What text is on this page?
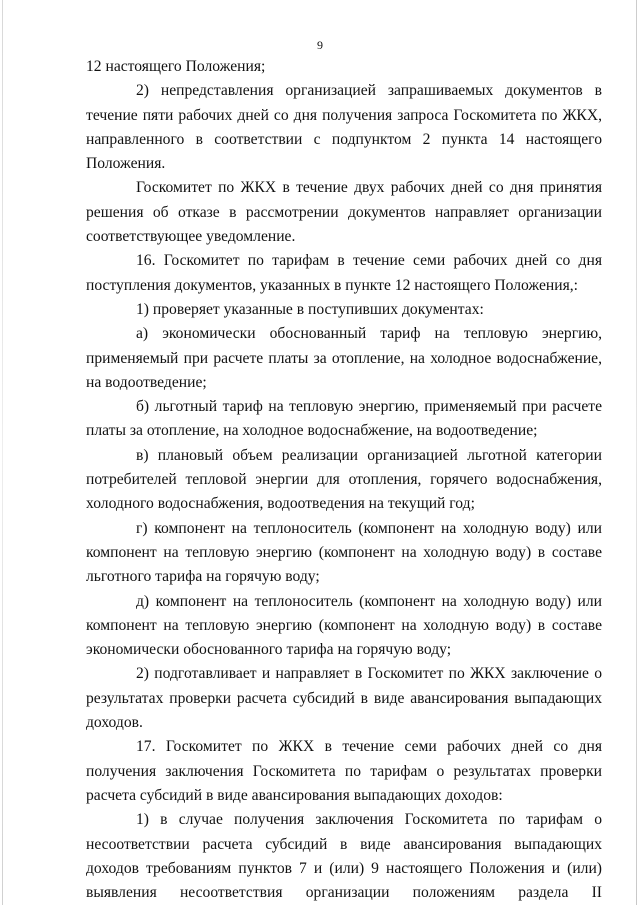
9

12 настоящего Положения;

2) непредставления организацией запрашиваемых документов в течение пяти рабочих дней со дня получения запроса Госкомитета по ЖКХ, направленного в соответствии с подпунктом 2 пункта 14 настоящего Положения.

Госкомитет по ЖКХ в течение двух рабочих дней со дня принятия решения об отказе в рассмотрении документов направляет организации соответствующее уведомление.

16. Госкомитет по тарифам в течение семи рабочих дней со дня поступления документов, указанных в пункте 12 настоящего Положения,:

1) проверяет указанные в поступивших документах:

а) экономически обоснованный тариф на тепловую энергию, применяемый при расчете платы за отопление, на холодное водоснабжение, на водоотведение;

б) льготный тариф на тепловую энергию, применяемый при расчете платы за отопление, на холодное водоснабжение, на водоотведение;

в) плановый объем реализации организацией льготной категории потребителей тепловой энергии для отопления, горячего водоснабжения, холодного водоснабжения, водоотведения на текущий год;

г) компонент на теплоноситель (компонент на холодную воду) или компонент на тепловую энергию (компонент на холодную воду) в составе льготного тарифа на горячую воду;

д) компонент на теплоноситель (компонент на холодную воду) или компонент на тепловую энергию (компонент на холодную воду) в составе экономически обоснованного тарифа на горячую воду;

2) подготавливает и направляет в Госкомитет по ЖКХ заключение о результатах проверки расчета субсидий в виде авансирования выпадающих доходов.

17. Госкомитет по ЖКХ в течение семи рабочих дней со дня получения заключения Госкомитета по тарифам о результатах проверки расчета субсидий в виде авансирования выпадающих доходов:

1) в случае получения заключения Госкомитета по тарифам о несоответствии расчета субсидий в виде авансирования выпадающих доходов требованиям пунктов 7 и (или) 9 настоящего Положения и (или) выявления несоответствия организации положениям раздела II
